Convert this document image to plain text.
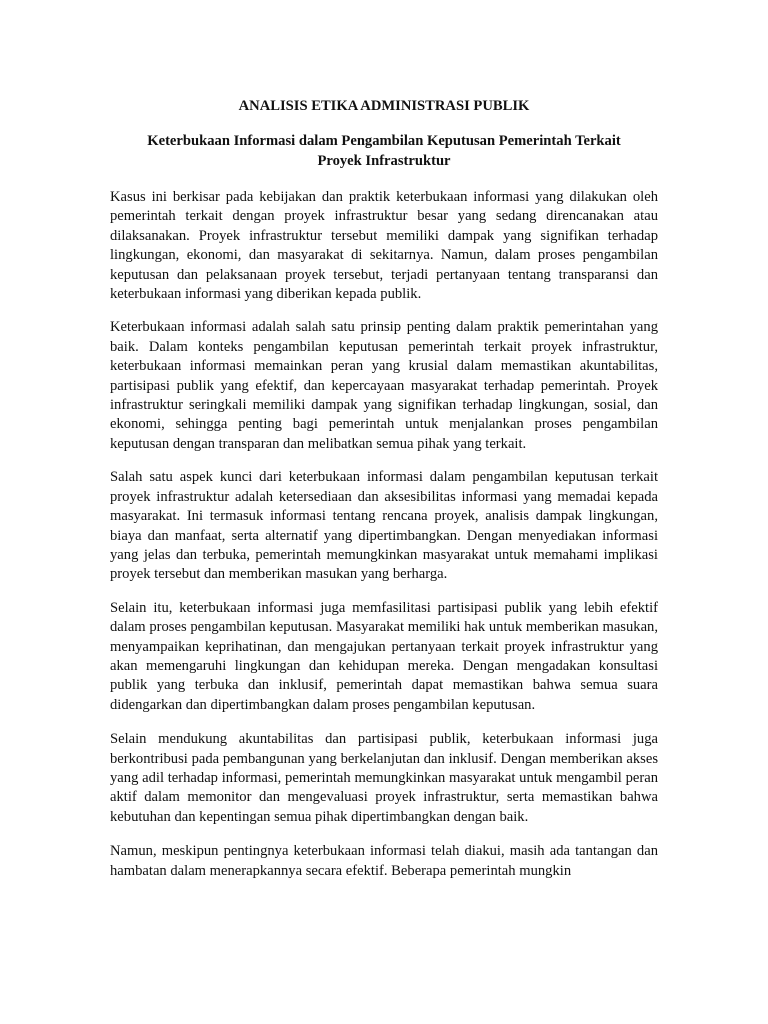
ANALISIS ETIKA ADMINISTRASI PUBLIK

Keterbukaan Informasi dalam Pengambilan Keputusan Pemerintah Terkait
Proyek Infrastruktur

Kasus ini berkisar pada kebijakan dan praktik keterbukaan informasi yang dilakukan oleh pemerintah terkait dengan proyek infrastruktur besar yang sedang direncanakan atau dilaksanakan. Proyek infrastruktur tersebut memiliki dampak yang signifikan terhadap lingkungan, ekonomi, dan masyarakat di sekitarnya. Namun, dalam proses pengambilan keputusan dan pelaksanaan proyek tersebut, terjadi pertanyaan tentang transparansi dan keterbukaan informasi yang diberikan kepada publik.

Keterbukaan informasi adalah salah satu prinsip penting dalam praktik pemerintahan yang baik. Dalam konteks pengambilan keputusan pemerintah terkait proyek infrastruktur, keterbukaan informasi memainkan peran yang krusial dalam memastikan akuntabilitas, partisipasi publik yang efektif, dan kepercayaan masyarakat terhadap pemerintah. Proyek infrastruktur seringkali memiliki dampak yang signifikan terhadap lingkungan, sosial, dan ekonomi, sehingga penting bagi pemerintah untuk menjalankan proses pengambilan keputusan dengan transparan dan melibatkan semua pihak yang terkait.

Salah satu aspek kunci dari keterbukaan informasi dalam pengambilan keputusan terkait proyek infrastruktur adalah ketersediaan dan aksesibilitas informasi yang memadai kepada masyarakat. Ini termasuk informasi tentang rencana proyek, analisis dampak lingkungan, biaya dan manfaat, serta alternatif yang dipertimbangkan. Dengan menyediakan informasi yang jelas dan terbuka, pemerintah memungkinkan masyarakat untuk memahami implikasi proyek tersebut dan memberikan masukan yang berharga.

Selain itu, keterbukaan informasi juga memfasilitasi partisipasi publik yang lebih efektif dalam proses pengambilan keputusan. Masyarakat memiliki hak untuk memberikan masukan, menyampaikan keprihatinan, dan mengajukan pertanyaan terkait proyek infrastruktur yang akan memengaruhi lingkungan dan kehidupan mereka. Dengan mengadakan konsultasi publik yang terbuka dan inklusif, pemerintah dapat memastikan bahwa semua suara didengarkan dan dipertimbangkan dalam proses pengambilan keputusan.

Selain mendukung akuntabilitas dan partisipasi publik, keterbukaan informasi juga berkontribusi pada pembangunan yang berkelanjutan dan inklusif. Dengan memberikan akses yang adil terhadap informasi, pemerintah memungkinkan masyarakat untuk mengambil peran aktif dalam memonitor dan mengevaluasi proyek infrastruktur, serta memastikan bahwa kebutuhan dan kepentingan semua pihak dipertimbangkan dengan baik.

Namun, meskipun pentingnya keterbukaan informasi telah diakui, masih ada tantangan dan hambatan dalam menerapkannya secara efektif. Beberapa pemerintah mungkin
